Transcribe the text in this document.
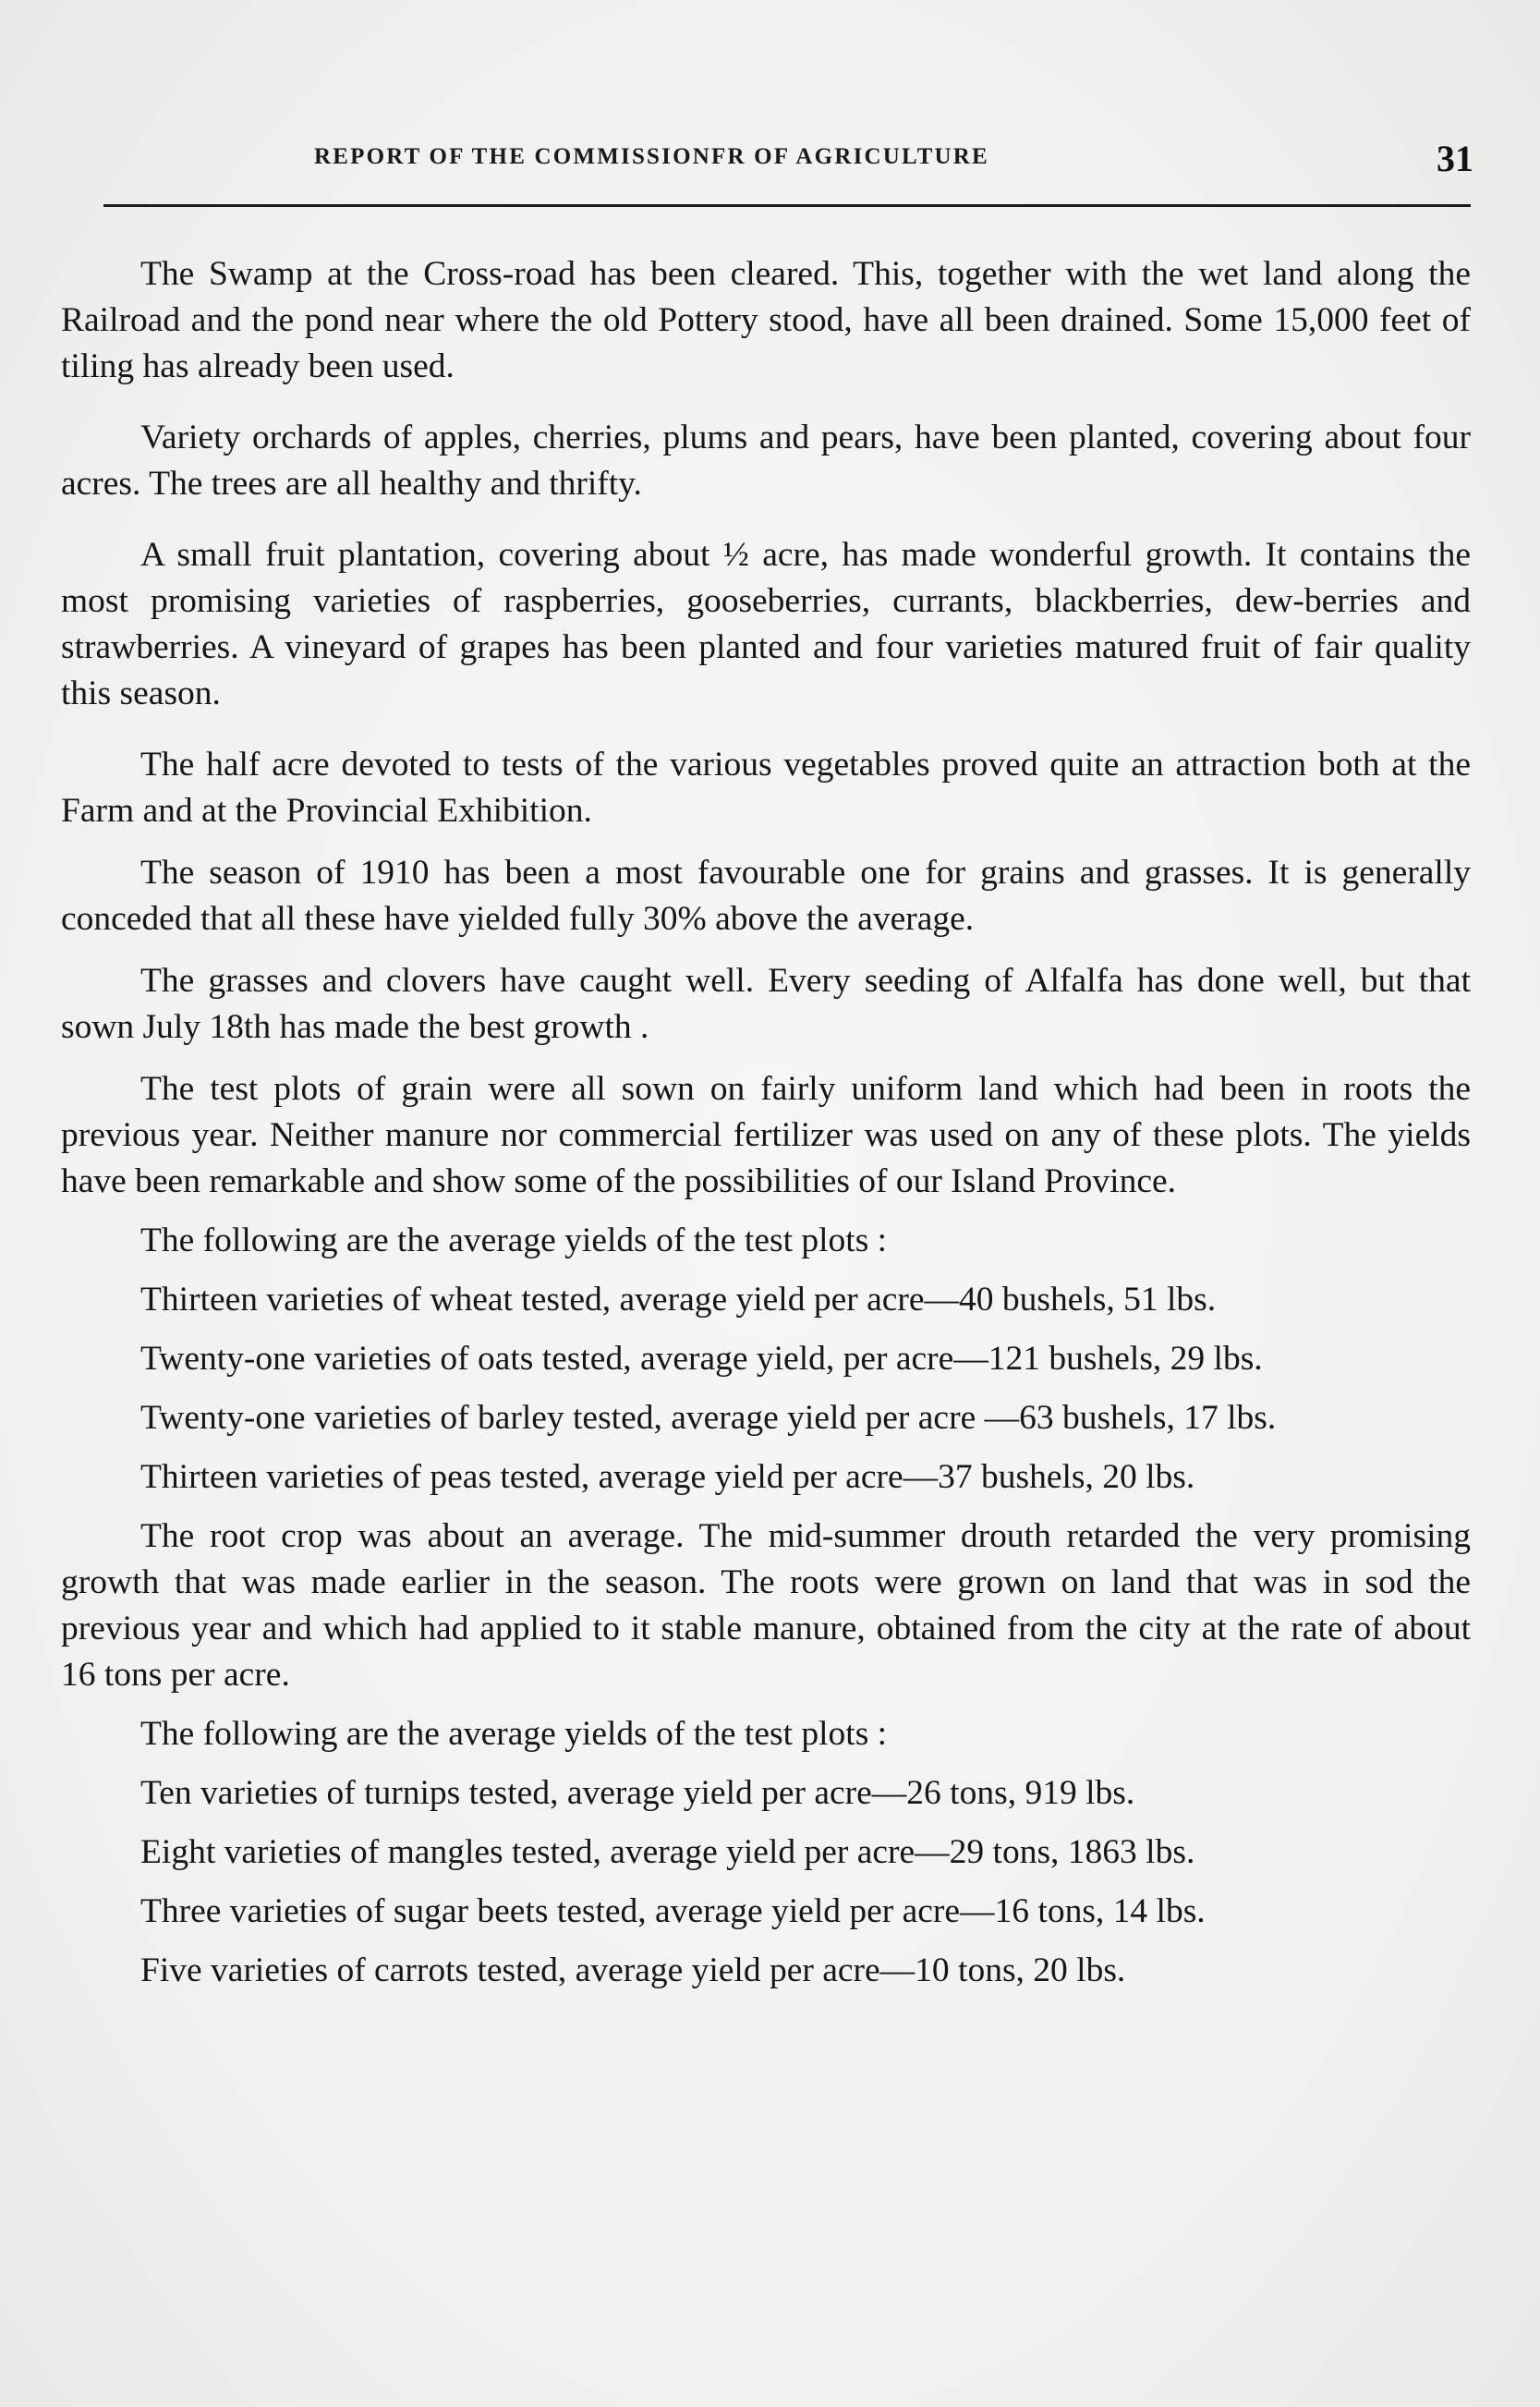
REPORT OF THE COMMISSIONFR OF AGRICULTURE	31

The Swamp at the Cross-road has been cleared. This, together with the wet land along the Railroad and the pond near where the old Pottery stood, have all been drained. Some 15,000 feet of tiling has already been used.

Variety orchards of apples, cherries, plums and pears, have been planted, covering about four acres. The trees are all healthy and thrifty.

A small fruit plantation, covering about ½ acre, has made wonderful growth. It contains the most promising varieties of raspberries, gooseberries, currants, blackberries, dew-berries and strawberries. A vineyard of grapes has been planted and four varieties matured fruit of fair quality this season.

The half acre devoted to tests of the various vegetables proved quite an attraction both at the Farm and at the Provincial Exhibition.

The season of 1910 has been a most favourable one for grains and grasses. It is generally conceded that all these have yielded fully 30% above the average.

The grasses and clovers have caught well. Every seeding of Alfalfa has done well, but that sown July 18th has made the best growth .

The test plots of grain were all sown on fairly uniform land which had been in roots the previous year. Neither manure nor commercial fertilizer was used on any of these plots. The yields have been remarkable and show some of the possibilities of our Island Province.

The following are the average yields of the test plots :

Thirteen varieties of wheat tested, average yield per acre—40 bushels, 51 lbs.

Twenty-one varieties of oats tested, average yield, per acre—121 bushels, 29 lbs.

Twenty-one varieties of barley tested, average yield per acre —63 bushels, 17 lbs.

Thirteen varieties of peas tested, average yield per acre—37 bushels, 20 lbs.

The root crop was about an average. The mid-summer drouth retarded the very promising growth that was made earlier in the season. The roots were grown on land that was in sod the previous year and which had applied to it stable manure, obtained from the city at the rate of about 16 tons per acre.

The following are the average yields of the test plots :

Ten varieties of turnips tested, average yield per acre—26 tons, 919 lbs.

Eight varieties of mangles tested, average yield per acre—29 tons, 1863 lbs.

Three varieties of sugar beets tested, average yield per acre—16 tons, 14 lbs.

Five varieties of carrots tested, average yield per acre—10 tons, 20 lbs.
